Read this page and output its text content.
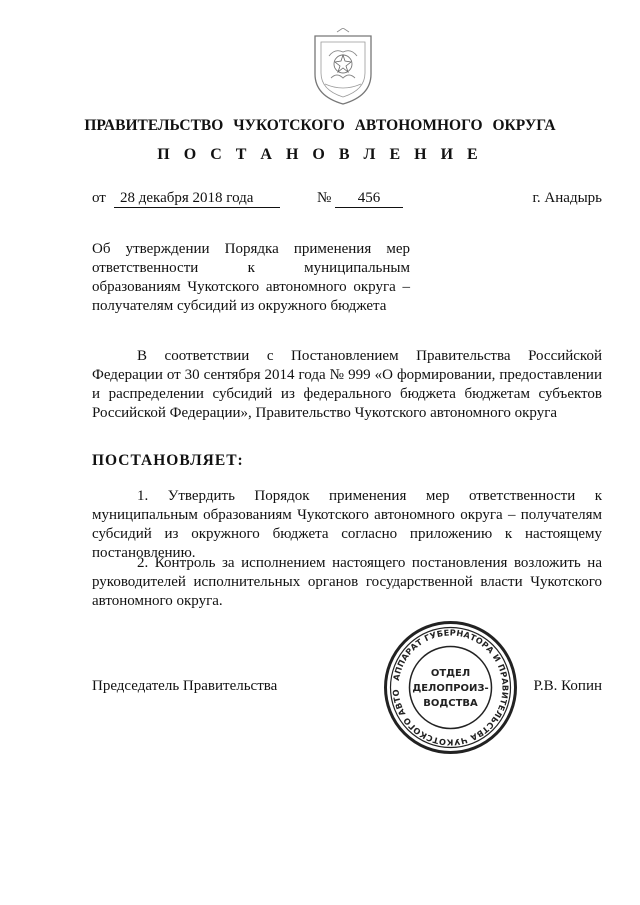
ПРАВИТЕЛЬСТВО ЧУКОТСКОГО АВТОНОМНОГО ОКРУГА
П О С Т А Н О В Л Е Н И Е
от 28 декабря 2018 года	№	456	г. Анадырь
Об утверждении Порядка применения мер ответственности к муниципальным образованиям Чукотского автономного округа – получателям субсидий из окружного бюджета
В соответствии с Постановлением Правительства Российской Федерации от 30 сентября 2014 года № 999 «О формировании, предоставлении и распределении субсидий из федерального бюджета бюджетам субъектов Российской Федерации», Правительство Чукотского автономного округа
ПОСТАНОВЛЯЕТ:
1. Утвердить Порядок применения мер ответственности к муниципальным образованиям Чукотского автономного округа – получателям субсидий из окружного бюджета согласно приложению к настоящему постановлению.
2. Контроль за исполнением настоящего постановления возложить на руководителей исполнительных органов государственной власти Чукотского автономного округа.
Председатель Правительства	Р.В. Копин
АППАРАТ ГУБЕРНАТОРА И ПРАВИТЕЛЬСТВА ЧУКОТСКОГО АВТО
ОТДЕЛ
ДЕЛОПРОИЗ-
ВОДСТВА
